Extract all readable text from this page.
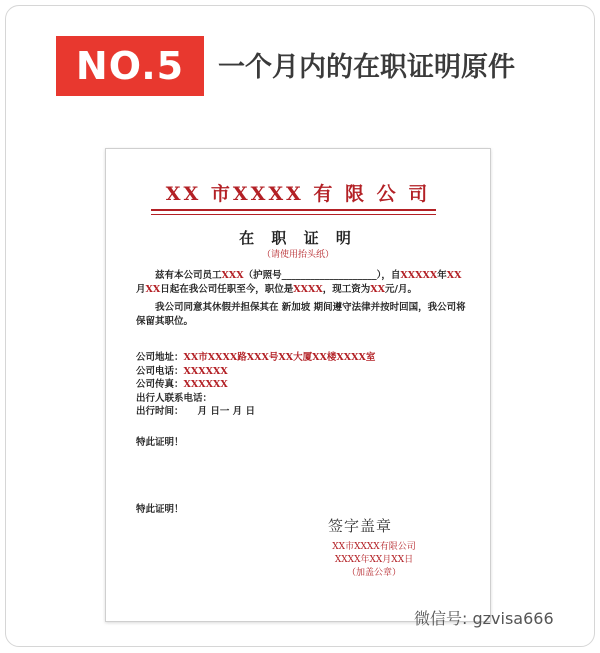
NO.5	一个月内的在职证明原件
XX 市XXXX 有 限 公 司
在 职 证 明
（请使用抬头纸）

兹有本公司员工XXX（护照号____________________），自XXXXX年XX月XX日起在我公司任职至今，职位是XXXX，现工资为XX元/月。

我公司同意其休假并担保其在 新加坡 期间遵守法律并按时回国，我公司将保留其职位。

公司地址：XX市XXXX路XXX号XX大厦XX楼XXXX室
公司电话：XXXXXX
公司传真：XXXXXX
出行人联系电话：
出行时间： 月 日一 月 日
特此证明！
特此证明！
签字盖章
XX市XXXX有限公司
XXXX年XX月XX日
（加盖公章）
微信号: gzvisa666
